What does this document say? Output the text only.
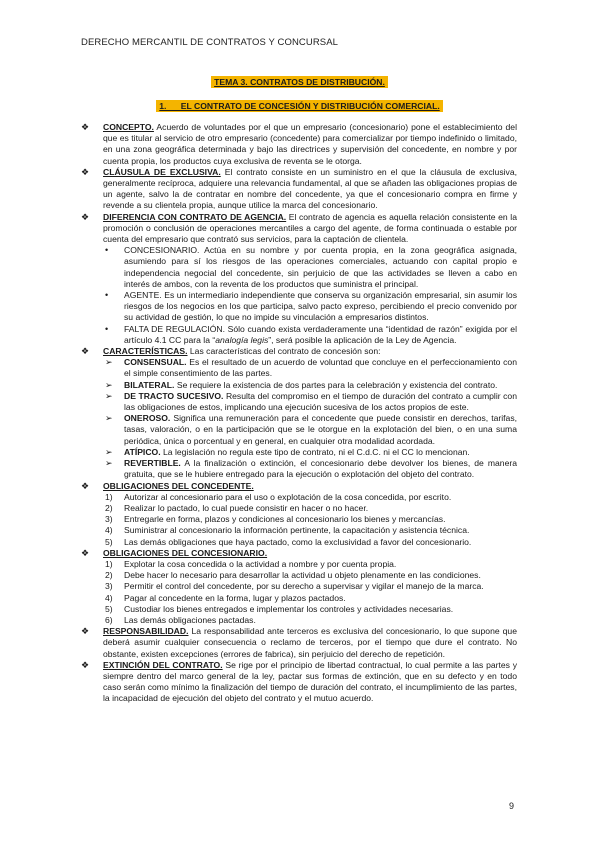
DERECHO MERCANTIL DE CONTRATOS Y CONCURSAL
TEMA 3. CONTRATOS DE DISTRIBUCIÓN.
1.      EL CONTRATO DE CONCESIÓN Y DISTRIBUCIÓN COMERCIAL.
❖	CONCEPTO. Acuerdo de voluntades por el que un empresario (concesionario) pone el establecimiento del que es titular al servicio de otro empresario (concedente) para comercializar por tiempo indefinido o limitado, en una zona geográfica determinada y bajo las directrices y supervisión del concedente, en nombre y por cuenta propia, los productos cuya exclusiva de reventa se le otorga.
❖	CLÁUSULA DE EXCLUSIVA. El contrato consiste en un suministro en el que la cláusula de exclusiva, generalmente recíproca, adquiere una relevancia fundamental, al que se añaden las obligaciones propias de un agente, salvo la de contratar en nombre del concedente, ya que el concesionario compra en firme y revende a su clientela propia, aunque utilice la marca del concesionario.
❖	DIFERENCIA CON CONTRATO DE AGENCIA. El contrato de agencia es aquella relación consistente en la promoción o conclusión de operaciones mercantiles a cargo del agente, de forma continuada o estable por cuenta del empresario que contrató sus servicios, para la captación de clientela.
• CONCESIONARIO. Actúa en su nombre y por cuenta propia, en la zona geográfica asignada, asumiendo para sí los riesgos de las operaciones comerciales, actuando con capital propio e independencia negocial del concedente, sin perjuicio de que las actividades se lleven a cabo en interés de ambos, con la reventa de los productos que suministra el principal.
• AGENTE. Es un intermediario independiente que conserva su organización empresarial, sin asumir los riesgos de los negocios en los que participa, salvo pacto expreso, percibiendo el precio convenido por su actividad de gestión, lo que no impide su vinculación a empresarios distintos.
• FALTA DE REGULACIÓN. Sólo cuando exista verdaderamente una “identidad de razón” exigida por el artículo 4.1 CC para la “analogía legis”, será posible la aplicación de la Ley de Agencia.
❖	CARACTERÍSTICAS. Las características del contrato de concesión son:
➢ CONSENSUAL. Es el resultado de un acuerdo de voluntad que concluye en el perfeccionamiento con el simple consentimiento de las partes.
➢ BILATERAL. Se requiere la existencia de dos partes para la celebración y existencia del contrato.
➢ DE TRACTO SUCESIVO. Resulta del compromiso en el tiempo de duración del contrato a cumplir con las obligaciones de estos, implicando una ejecución sucesiva de los actos propios de este.
➢ ONEROSO. Significa una remuneración para el concedente que puede consistir en derechos, tarifas, tasas, valoración, o en la participación que se le otorgue en la explotación del bien, o en una suma periódica, única o porcentual y en general, en cualquier otra modalidad acordada.
➢ ATÍPICO. La legislación no regula este tipo de contrato, ni el C.d.C. ni el CC lo mencionan.
➢ REVERTIBLE. A la finalización o extinción, el concesionario debe devolver los bienes, de manera gratuita, que se le hubiere entregado para la ejecución o explotación del objeto del contrato.
❖	OBLIGACIONES DEL CONCEDENTE.
1) Autorizar al concesionario para el uso o explotación de la cosa concedida, por escrito.
2) Realizar lo pactado, lo cual puede consistir en hacer o no hacer.
3) Entregarle en forma, plazos y condiciones al concesionario los bienes y mercancías.
4) Suministrar al concesionario la información pertinente, la capacitación y asistencia técnica.
5) Las demás obligaciones que haya pactado, como la exclusividad a favor del concesionario.
❖	OBLIGACIONES DEL CONCESIONARIO.
1) Explotar la cosa concedida o la actividad a nombre y por cuenta propia.
2) Debe hacer lo necesario para desarrollar la actividad u objeto plenamente en las condiciones.
3) Permitir el control del concedente, por su derecho a supervisar y vigilar el manejo de la marca.
4) Pagar al concedente en la forma, lugar y plazos pactados.
5) Custodiar los bienes entregados e implementar los controles y actividades necesarias.
6) Las demás obligaciones pactadas.
❖	RESPONSABILIDAD. La responsabilidad ante terceros es exclusiva del concesionario, lo que supone que deberá asumir cualquier consecuencia o reclamo de terceros, por el tiempo que dure el contrato. No obstante, existen excepciones (errores de fabrica), sin perjuicio del derecho de repetición.
❖	EXTINCIÓN DEL CONTRATO. Se rige por el principio de libertad contractual, lo cual permite a las partes y siempre dentro del marco general de la ley, pactar sus formas de extinción, que en su defecto y en todo caso serán como mínimo la finalización del tiempo de duración del contrato, el incumplimiento de las partes, la incapacidad de ejecución del objeto del contrato y el mutuo acuerdo.
9
